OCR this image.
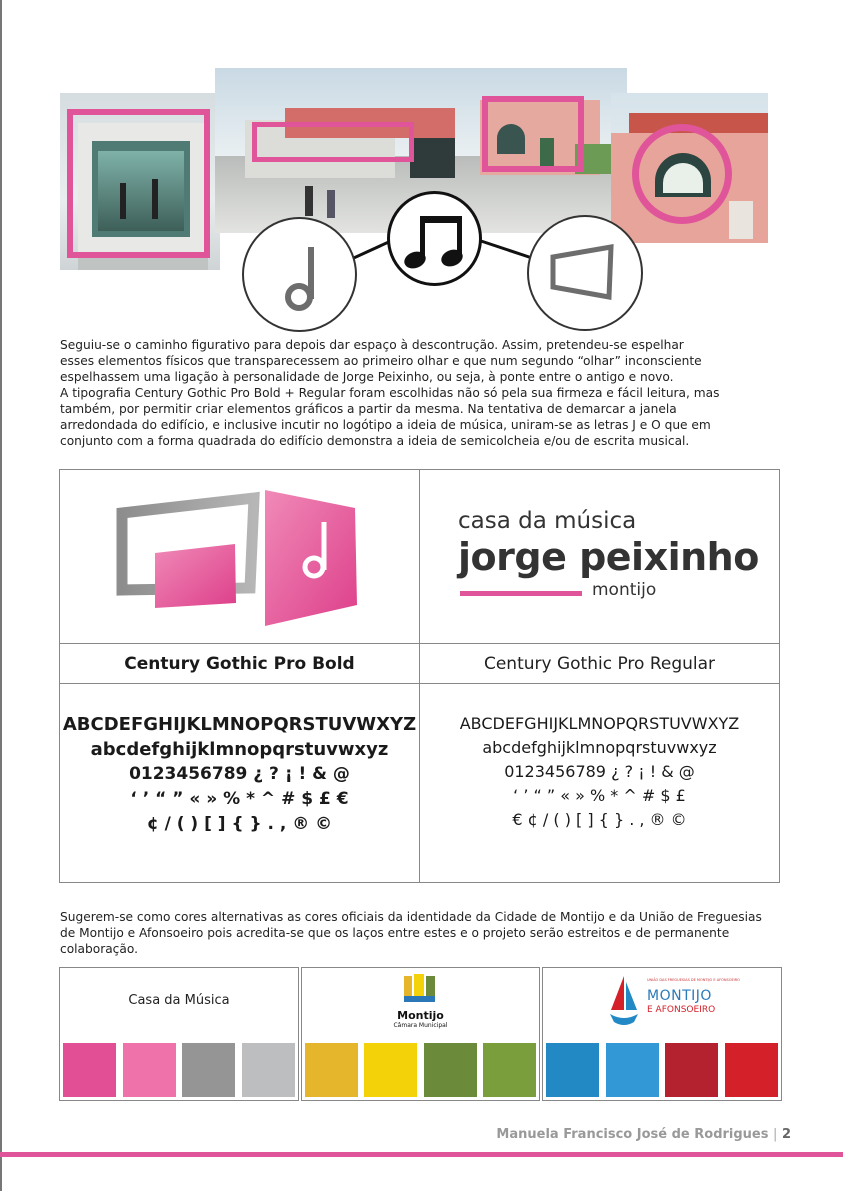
Seguiu-se o caminho figurativo para depois dar espaço à descontrução. Assim, pretendeu-se espelhar

esses elementos físicos que transparecessem ao primeiro olhar e que num segundo “olhar” inconsciente

espelhassem uma ligação à personalidade de Jorge Peixinho, ou seja, à ponte entre o antigo e novo.

A tipografia Century Gothic Pro Bold + Regular foram escolhidas não só pela sua firmeza e fácil leitura, mas

também, por permitir criar elementos gráficos a partir da mesma. Na tentativa de demarcar a janela

arredondada do edifício, e inclusive incutir no logótipo a ideia de música, uniram-se as letras J e O que em

conjunto com a forma quadrada do edifício demonstra a ideia de semicolcheia e/ou de escrita musical.

casa da música
jorge peixinho
montijo
Century Gothic Pro Bold	Century Gothic Pro Regular
ABCDEFGHIJKLMNOPQRSTUVWXYZ
abcdefghijklmnopqrstuvwxyz
0123456789 ¿ ? ¡ ! & @
‘ ’ “ ” « » % * ^ # $ £ €
¢ / ( ) [ ] { } . , ® ©
ABCDEFGHIJKLMNOPQRSTUVWXYZ
abcdefghijklmnopqrstuvwxyz
0123456789 ¿ ? ¡ ! & @
‘ ’ “ ” « » % * ^ # $ £
€ ¢ / ( ) [ ] { } . , ® ©
Sugerem-se como cores alternativas as cores oficiais da identidade da Cidade de Montijo e da União de Freguesias
de Montijo e Afonsoeiro pois acredita-se que os laços entre estes e o projeto serão estreitos e de permanente
colaboração.
Casa da Música
Montijo
Câmara Municipal
UNIÃO DAS FREGUESIAS DE MONTIJO E AFONSOEIRO
MONTIJO
E AFONSOEIRO
Manuela Francisco José de Rodrigues | 2
